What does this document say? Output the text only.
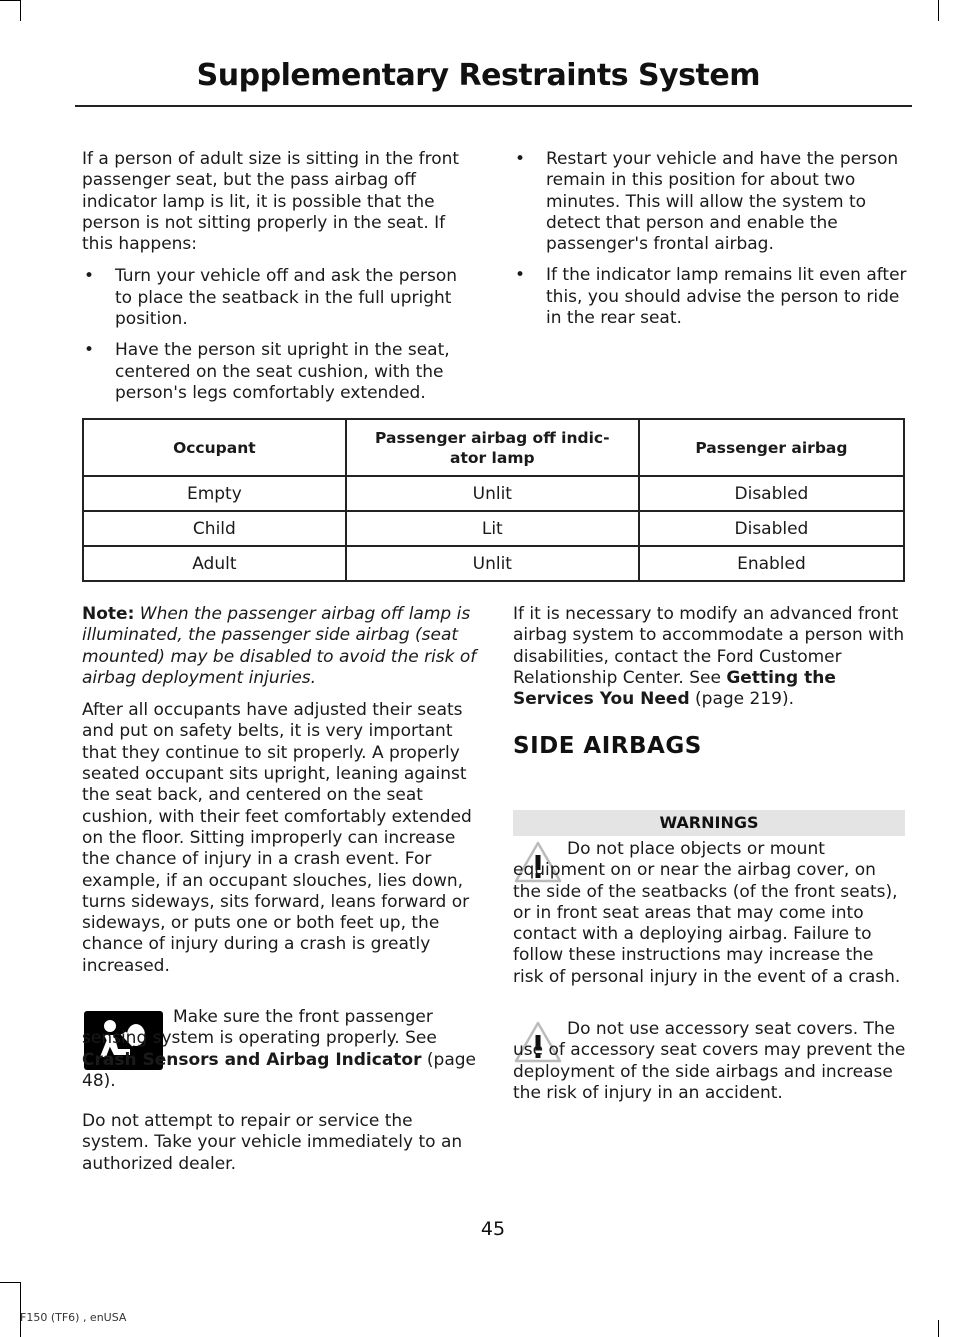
Supplementary Restraints System

If a person of adult size is sitting in the front passenger seat, but the pass airbag off indicator lamp is lit, it is possible that the person is not sitting properly in the seat. If this happens:

• Turn your vehicle off and ask the person to place the seatback in the full upright position.
• Have the person sit upright in the seat, centered on the seat cushion, with the person's legs comfortably extended.
• Restart your vehicle and have the person remain in this position for about two minutes. This will allow the system to detect that person and enable the passenger's frontal airbag.
• If the indicator lamp remains lit even after this, you should advise the person to ride in the rear seat.
Occupant	Passenger airbag off indic-ator lamp	Passenger airbag
Empty	Unlit	Disabled
Child	Lit	Disabled
Adult	Unlit	Enabled

Note: When the passenger airbag off lamp is illuminated, the passenger side airbag (seat mounted) may be disabled to avoid the risk of airbag deployment injuries.

After all occupants have adjusted their seats and put on safety belts, it is very important that they continue to sit properly. A properly seated occupant sits upright, leaning against the seat back, and centered on the seat cushion, with their feet comfortably extended on the floor. Sitting improperly can increase the chance of injury in a crash event. For example, if an occupant slouches, lies down, turns sideways, sits forward, leans forward or sideways, or puts one or both feet up, the chance of injury during a crash is greatly increased.

Make sure the front passenger sensing system is operating properly. See Crash Sensors and Airbag Indicator (page 48).

Do not attempt to repair or service the system. Take your vehicle immediately to an authorized dealer.

If it is necessary to modify an advanced front airbag system to accommodate a person with disabilities, contact the Ford Customer Relationship Center. See Getting the Services You Need (page 219).

SIDE AIRBAGS
WARNINGS

Do not place objects or mount equipment on or near the airbag cover, on the side of the seatbacks (of the front seats), or in front seat areas that may come into contact with a deploying airbag. Failure to follow these instructions may increase the risk of personal injury in the event of a crash.

Do not use accessory seat covers. The use of accessory seat covers may prevent the deployment of the side airbags and increase the risk of injury in an accident.

45
F150 (TF6) , enUSA
